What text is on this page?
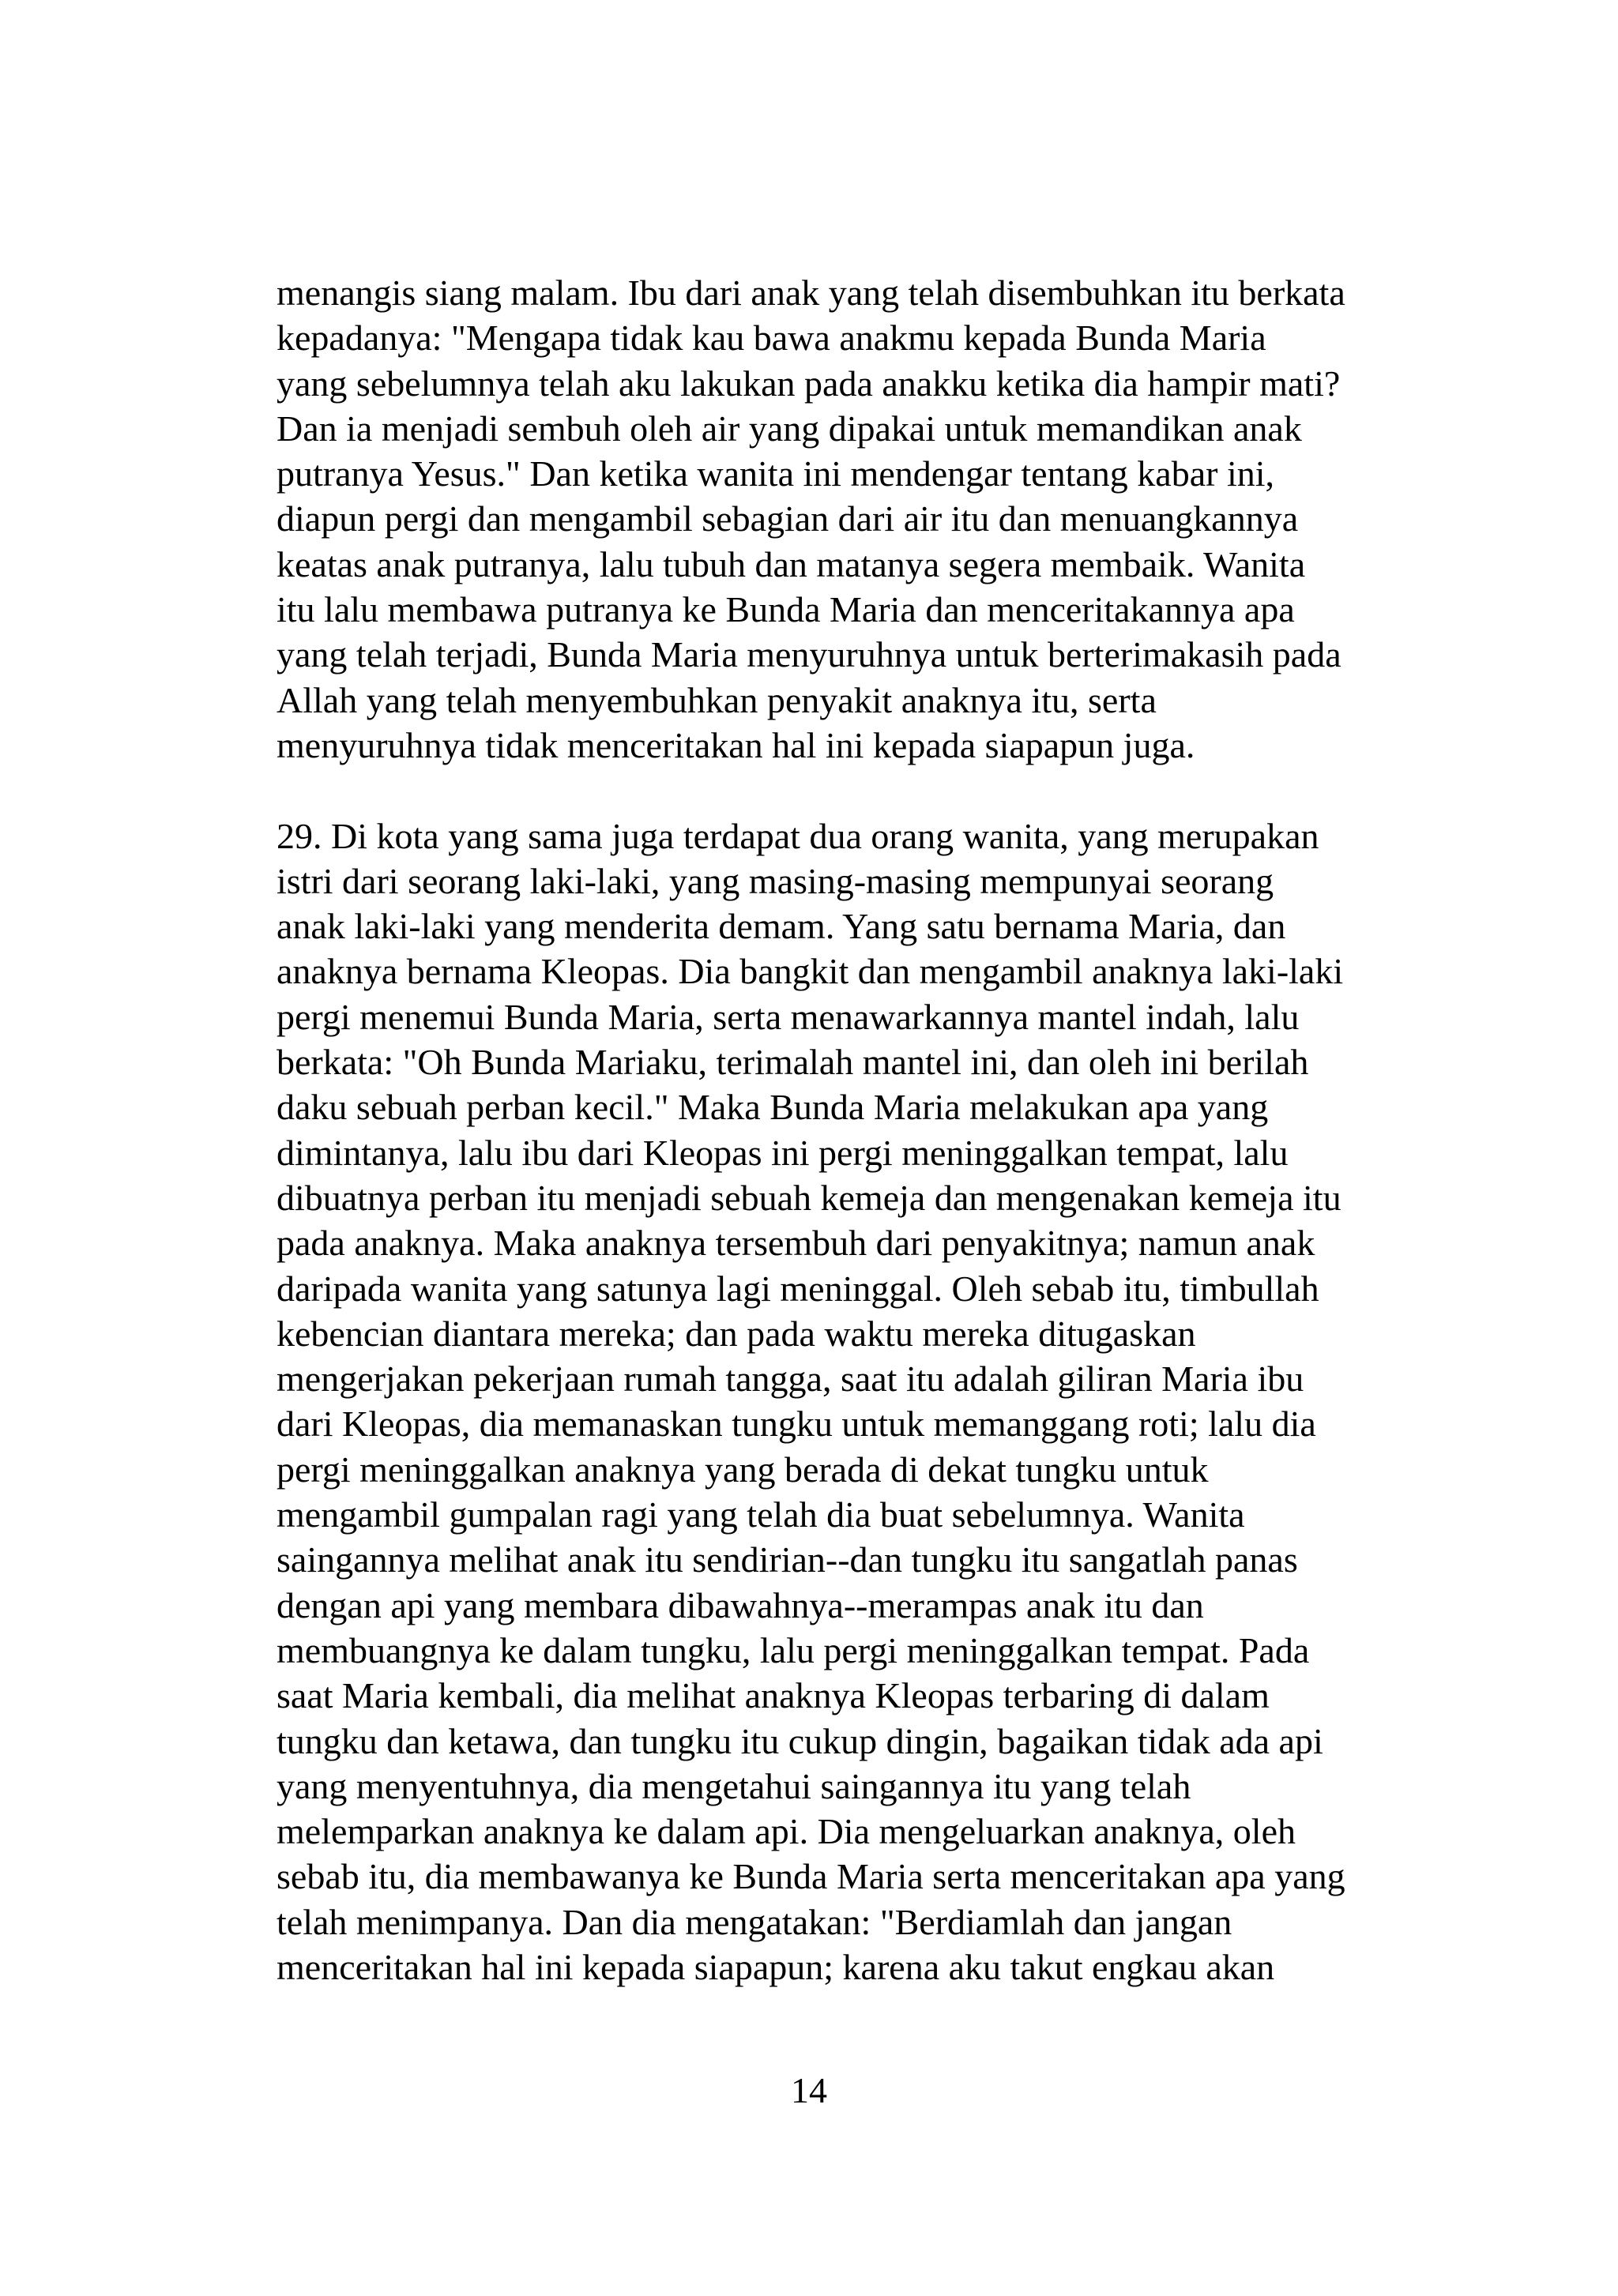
menangis siang malam. Ibu dari anak yang telah disembuhkan itu berkata
kepadanya: "Mengapa tidak kau bawa anakmu kepada Bunda Maria
yang sebelumnya telah aku lakukan pada anakku ketika dia hampir mati?
Dan ia menjadi sembuh oleh air yang dipakai untuk memandikan anak
putranya Yesus." Dan ketika wanita ini mendengar tentang kabar ini,
diapun pergi dan mengambil sebagian dari air itu dan menuangkannya
keatas anak putranya, lalu tubuh dan matanya segera membaik. Wanita
itu lalu membawa putranya ke Bunda Maria dan menceritakannya apa
yang telah terjadi, Bunda Maria menyuruhnya untuk berterimakasih pada
Allah yang telah menyembuhkan penyakit anaknya itu, serta
menyuruhnya tidak menceritakan hal ini kepada siapapun juga.
29. Di kota yang sama juga terdapat dua orang wanita, yang merupakan
istri dari seorang laki-laki, yang masing-masing mempunyai seorang
anak laki-laki yang menderita demam. Yang satu bernama Maria, dan
anaknya bernama Kleopas. Dia bangkit dan mengambil anaknya laki-laki
pergi menemui Bunda Maria, serta menawarkannya mantel indah, lalu
berkata: "Oh Bunda Mariaku, terimalah mantel ini, dan oleh ini berilah
daku sebuah perban kecil." Maka Bunda Maria melakukan apa yang
dimintanya, lalu ibu dari Kleopas ini pergi meninggalkan tempat, lalu
dibuatnya perban itu menjadi sebuah kemeja dan mengenakan kemeja itu
pada anaknya. Maka anaknya tersembuh dari penyakitnya; namun anak
daripada wanita yang satunya lagi meninggal. Oleh sebab itu, timbullah
kebencian diantara mereka; dan pada waktu mereka ditugaskan
mengerjakan pekerjaan rumah tangga, saat itu adalah giliran Maria ibu
dari Kleopas, dia memanaskan tungku untuk memanggang roti; lalu dia
pergi meninggalkan anaknya yang berada di dekat tungku untuk
mengambil gumpalan ragi yang telah dia buat sebelumnya. Wanita
saingannya melihat anak itu sendirian--dan tungku itu sangatlah panas
dengan api yang membara dibawahnya--merampas anak itu dan
membuangnya ke dalam tungku, lalu pergi meninggalkan tempat. Pada
saat Maria kembali, dia melihat anaknya Kleopas terbaring di dalam
tungku dan ketawa, dan tungku itu cukup dingin, bagaikan tidak ada api
yang menyentuhnya, dia mengetahui saingannya itu yang telah
melemparkan anaknya ke dalam api. Dia mengeluarkan anaknya, oleh
sebab itu, dia membawanya ke Bunda Maria serta menceritakan apa yang
telah menimpanya. Dan dia mengatakan: "Berdiamlah dan jangan
menceritakan hal ini kepada siapapun; karena aku takut engkau akan
14
